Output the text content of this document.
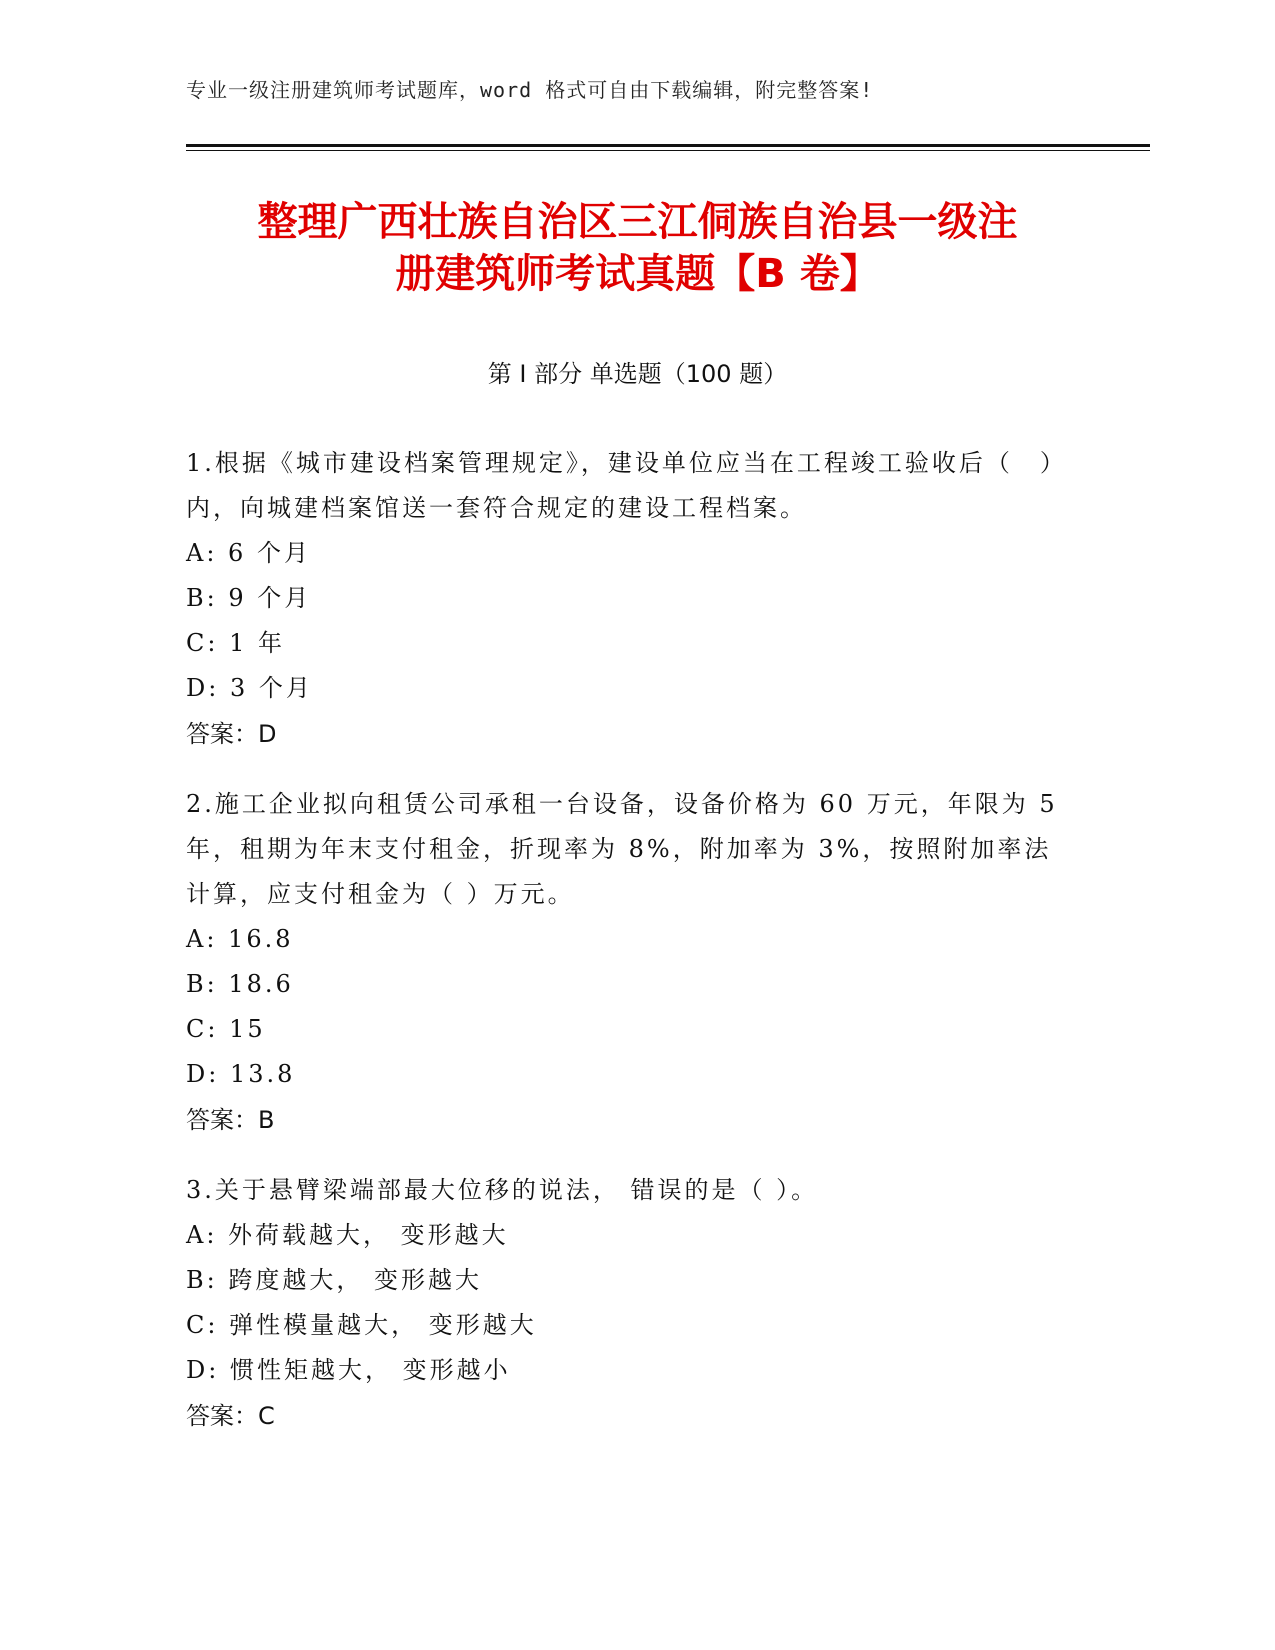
专业一级注册建筑师考试题库，word 格式可自由下载编辑，附完整答案!
整理广西壮族自治区三江侗族自治县一级注
册建筑师考试真题【B 卷】
第 I 部分 单选题（100 题）

1.根据《城市建设档案管理规定》，建设单位应当在工程竣工验收后（　）内，向城建档案馆送一套符合规定的建设工程档案。

A: 6 个月

B: 9 个月

C: 1 年

D: 3 个月

答案：D

2.施工企业拟向租赁公司承租一台设备，设备价格为 60 万元，年限为 5 年，租期为年末支付租金，折现率为 8%，附加率为 3%，按照附加率法计算，应支付租金为（ ）万元。

A: 16.8

B: 18.6

C: 15

D: 13.8

答案：B

3.关于悬臂梁端部最大位移的说法， 错误的是（ ）。

A: 外荷载越大， 变形越大

B: 跨度越大， 变形越大

C: 弹性模量越大， 变形越大

D: 惯性矩越大， 变形越小

答案：C
